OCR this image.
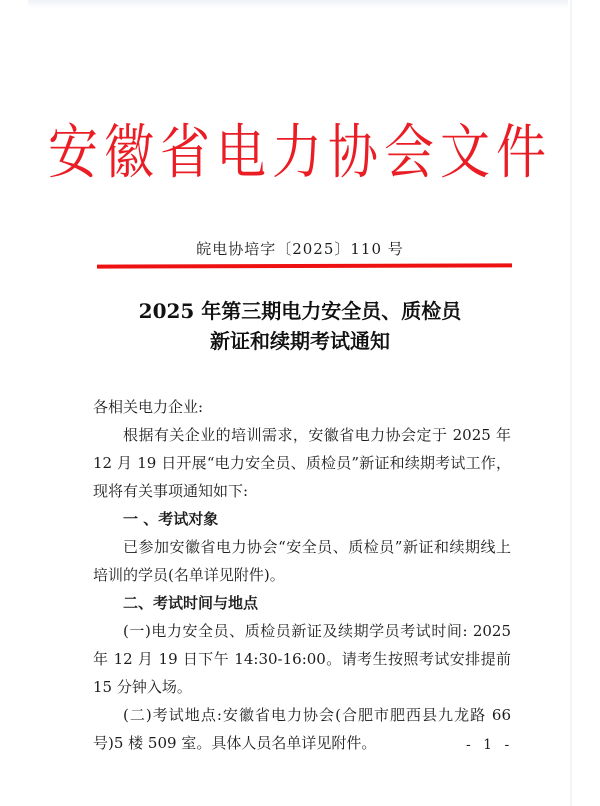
安徽省电力协会文件
皖电协培字〔2025〕110 号
2025 年第三期电力安全员、质检员
新证和续期考试通知

各相关电力企业:

根据有关企业的培训需求，安徽省电力协会定于 2025 年 12 月 19 日开展“电力安全员、质检员”新证和续期考试工作，现将有关事项通知如下:

一 、考试对象

已参加安徽省电力协会“安全员、质检员”新证和续期线上培训的学员(名单详见附件)。

二、考试时间与地点

(一)电力安全员、质检员新证及续期学员考试时间: 2025 年 12 月 19 日下午 14:30-16:00。请考生按照考试安排提前 15 分钟入场。

(二)考试地点:安徽省电力协会(合肥市肥西县九龙路 66 号)5 楼 509 室。具体人员名单详见附件。	- 1 -
